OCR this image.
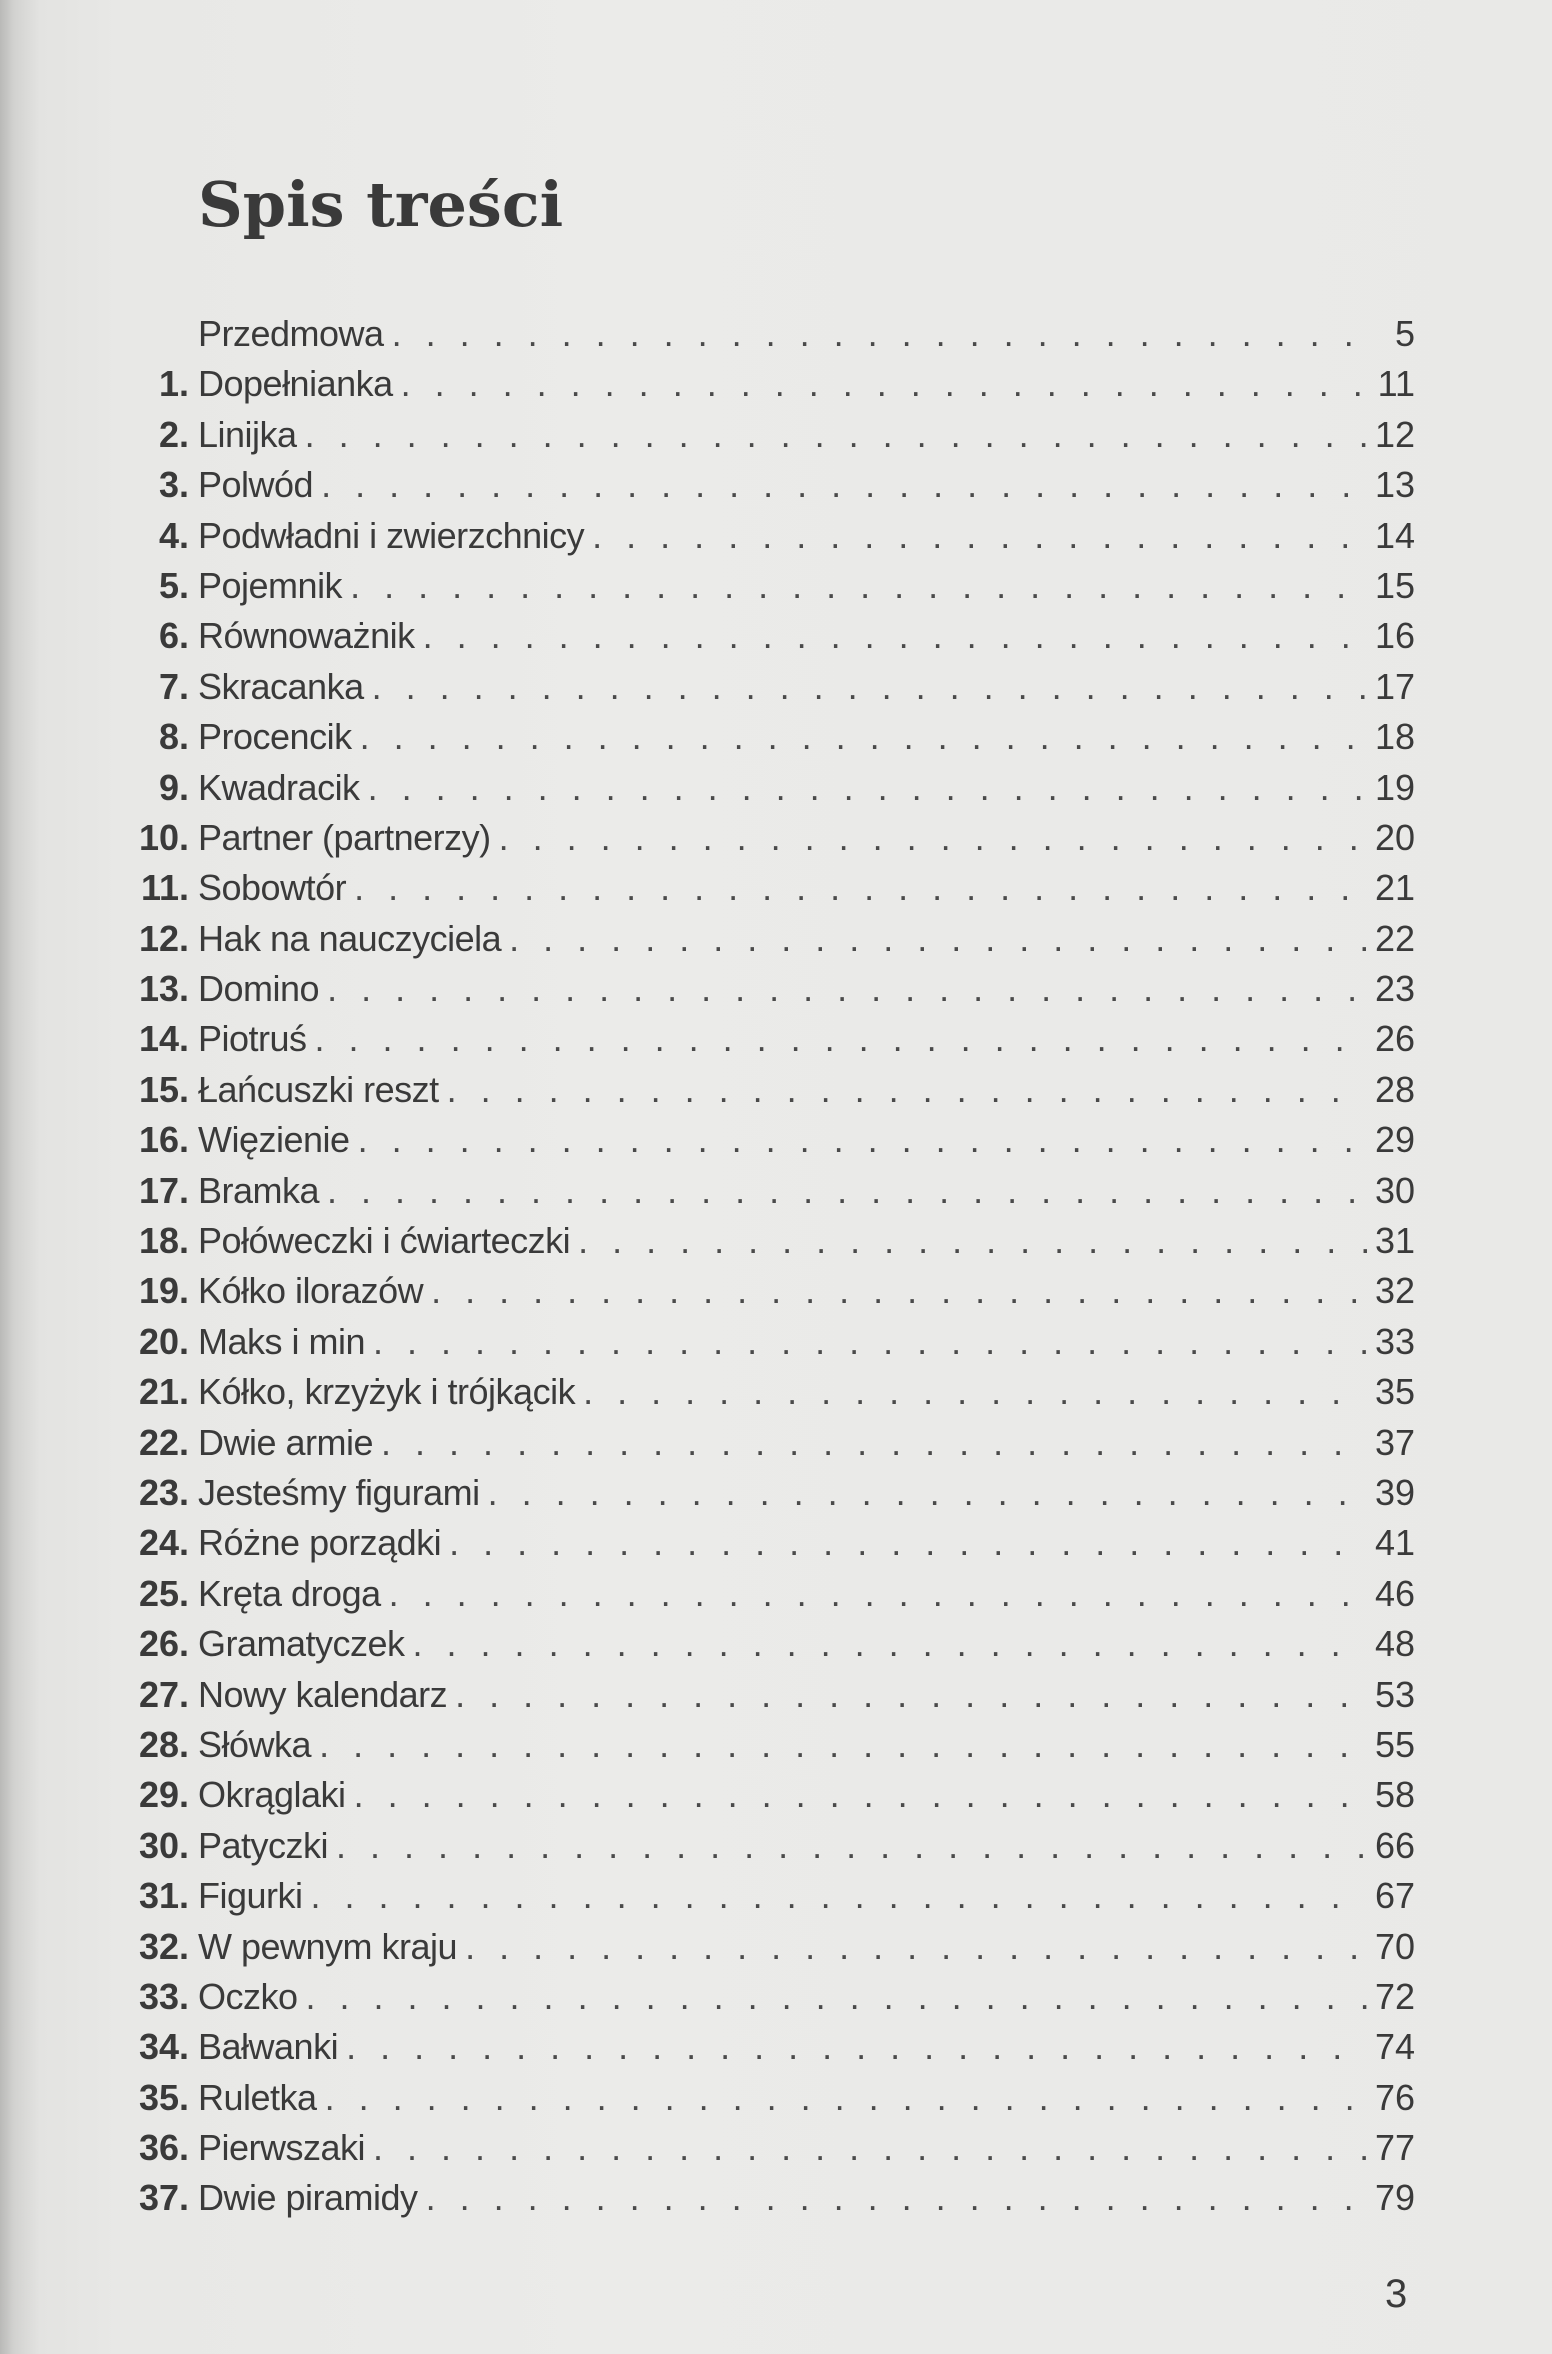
Spis treści
Przedmowa . . .	5
1. Dopełnianka . . .	11
2. Linijka . . .	12
3. Polwód . . .	13
4. Podwładni i zwierzchnicy . . .	14
5. Pojemnik . . .	15
6. Równoważnik . . .	16
7. Skracanka . . .	17
8. Procencik . . .	18
9. Kwadracik . . .	19
10. Partner (partnerzy) . . .	20
11. Sobowtór . . .	21
12. Hak na nauczyciela . . .	22
13. Domino . . .	23
14. Piotruś . . .	26
15. Łańcuszki reszt . . .	28
16. Więzienie . . .	29
17. Bramka . . .	30
18. Połóweczki i ćwiarteczki . . .	31
19. Kółko ilorazów . . .	32
20. Maks i min . . .	33
21. Kółko, krzyżyk i trójkącik . . .	35
22. Dwie armie . . .	37
23. Jesteśmy figurami . . .	39
24. Różne porządki . . .	41
25. Kręta droga . . .	46
26. Gramatyczek . . .	48
27. Nowy kalendarz . . .	53
28. Słówka . . .	55
29. Okrąglaki . . .	58
30. Patyczki . . .	66
31. Figurki . . .	67
32. W pewnym kraju . . .	70
33. Oczko . . .	72
34. Bałwanki . . .	74
35. Ruletka . . .	76
36. Pierwszaki . . .	77
37. Dwie piramidy . . .	79
3
